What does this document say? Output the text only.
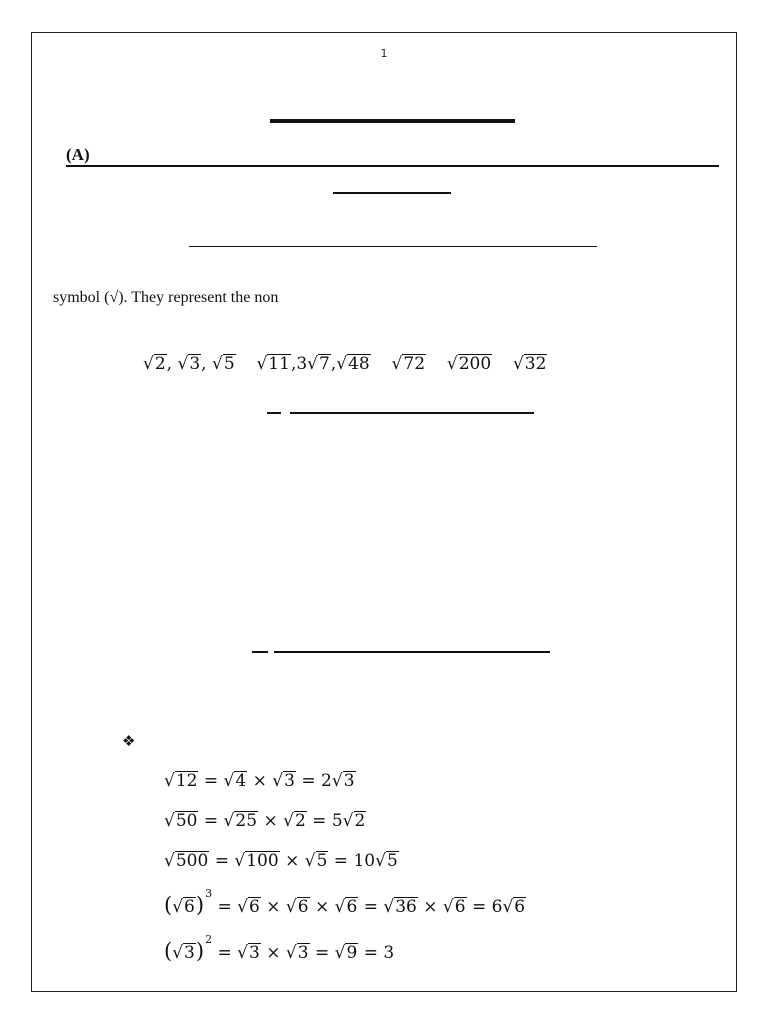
1
(A)
symbol (√). They represent the non
√2, √3, √5 √11,3√7,√48 √72 √200 √32
❖
√12 = √4 × √3 = 2√3
√50 = √25 × √2 = 5√2
√500 = √100 × √5 = 10√5
$(√6)^3 = √6 \times √6 \times √6 = √36 \times √6 = 6√6$
$(√3)^2 = √3 \times √3 = √9 = 3$
